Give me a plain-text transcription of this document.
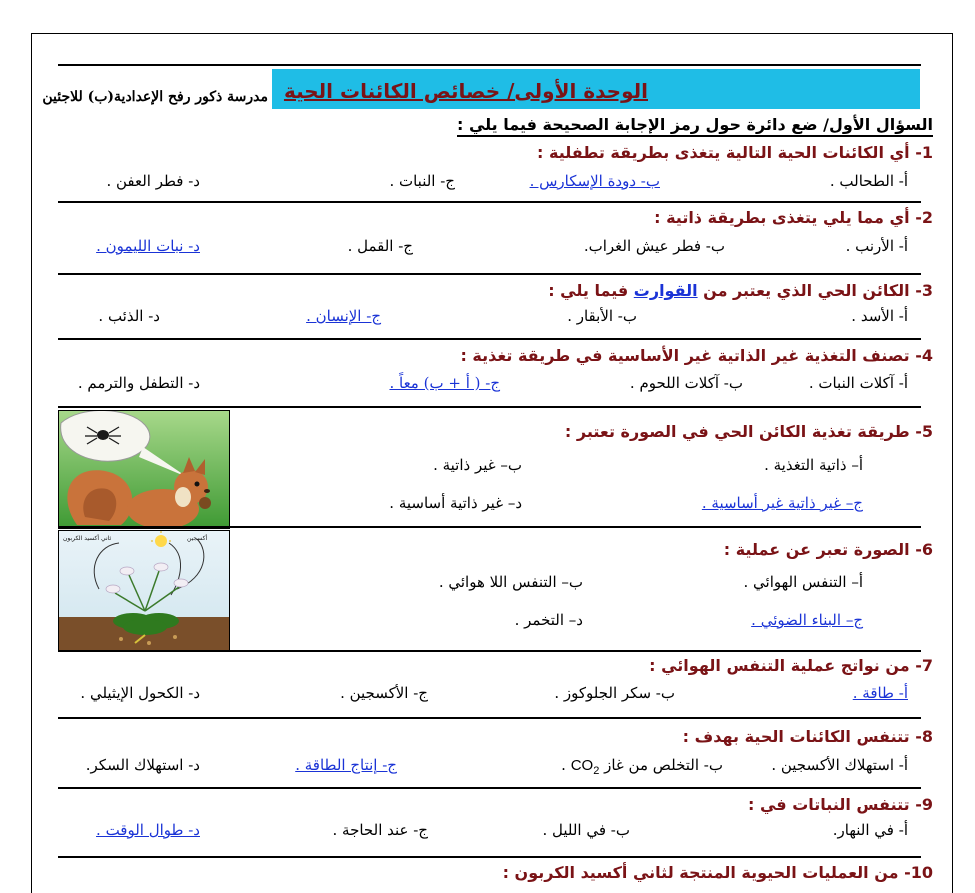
الوحدة الأولى/ خصائص الكائنات الحية
مدرسة ذكور رفح الإعدادية(ب) للاجئين
السؤال الأول/ ضع دائرة حول رمز الإجابة الصحيحة فيما يلي :
1- أي الكائنات الحية التالية يتغذى بطريقة تطفلية :
أ- الطحالب .
ب- دودة الإسكارس .
ج- النبات .
د- فطر العفن .
2- أي مما يلي يتغذى بطريقة ذاتية :
أ- الأرنب .
ب- فطر عيش الغراب.
ج- القمل .
د- نبات الليمون .
3- الكائن الحي الذي يعتبر من القوارت فيما يلي :
أ- الأسد .
ب- الأبقار .
ج- الإنسان .
د- الذئب .
4- تصنف التغذية غير الذاتية غير الأساسية في طريقة تغذية :
أ- آكلات النبات .
ب- آكلات اللحوم .
ج- ( أ + ب) معاً .
د- التطفل والترمم .
5- طريقة تغذية الكائن الحي في الصورة تعتبر :
أ– ذاتية التغذية .
ب– غير ذاتية .
ج– غير ذاتية غير أساسية .
د– غير ذاتية أساسية .
أكسجين
ثاني أكسيد الكربون
6- الصورة تعبر عن عملية :
أ– التنفس الهوائي .
ب– التنفس اللا هوائي .
ج– البناء الضوئي .
د– التخمر .
7- من نواتج عملية التنفس الهوائي :
أ- طاقة .
ب- سكر الجلوكوز .
ج- الأكسجين .
د- الكحول الإيثيلي .
8- تتنفس الكائنات الحية بهدف :
أ- استهلاك الأكسجين .
ب- التخلص من غاز $CO_2$ .
ج- إنتاج الطاقة .
د- استهلاك السكر.
9- تتنفس النباتات في :
أ- في النهار.
ب- في الليل .
ج- عند الحاجة .
د- طوال الوقت .
10- من العمليات الحيوية المنتجة لثاني أكسيد الكربون :
